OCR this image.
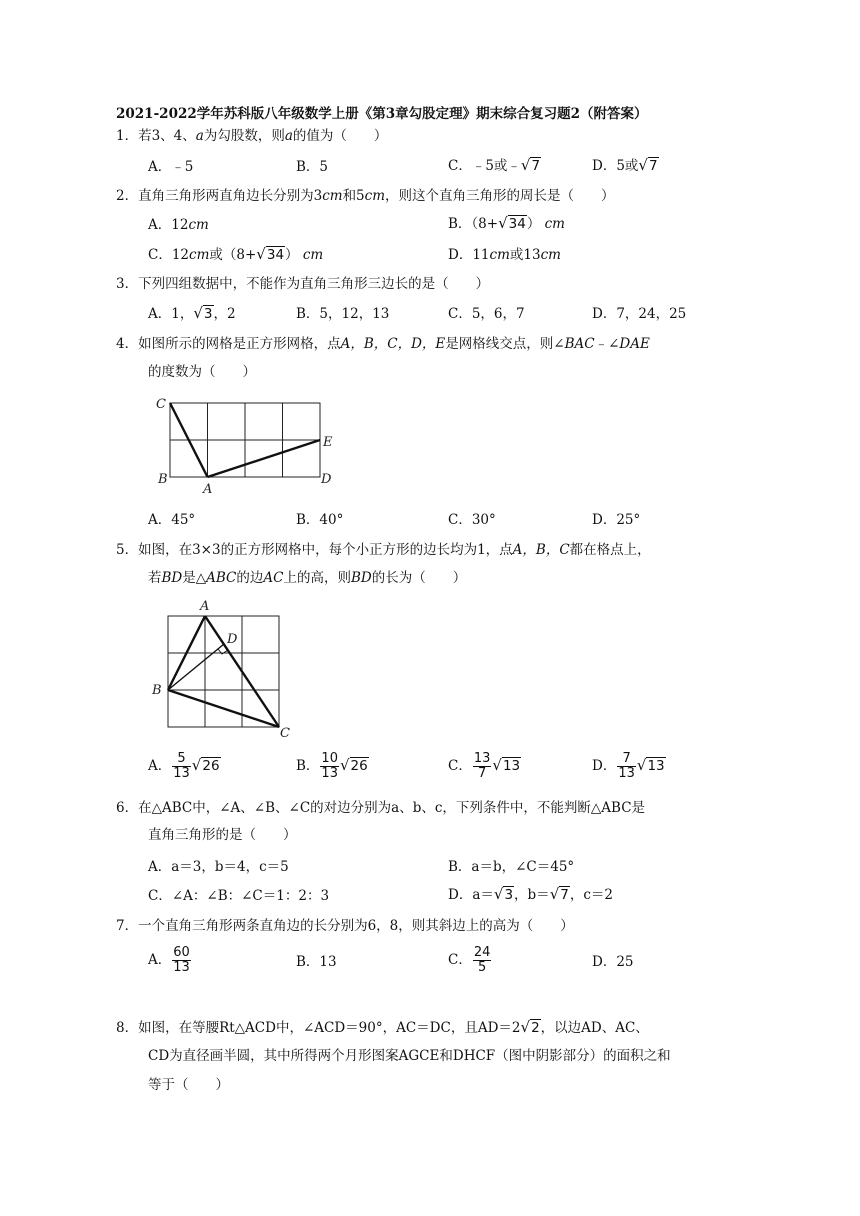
2021-2022学年苏科版八年级数学上册《第3章勾股定理》期末综合复习题2（附答案）
1．若3、4、a为勾股数，则a的值为（　　）
A．﹣5	B．5	C．﹣5或﹣√7	D．5或√7
2．直角三角形两直角边长分别为3cm和5cm，则这个直角三角形的周长是（　　）
A．12cm	B．（8+√34） cm
C．12cm或（8+√34） cm	D．11cm或13cm
3．下列四组数据中，不能作为直角三角形三边长的是（　　）
A．1，√3，2	B．5，12，13	C．5，6，7	D．7，24，25
4．如图所示的网格是正方形网格，点A，B，C，D，E是网格线交点，则∠BAC﹣∠DAE
的度数为（　　）
C
B
A
E
D
A．45°	B．40°	C．30°	D．25°
5．如图，在3×3的正方形网格中，每个小正方形的边长均为1，点A，B，C都在格点上，
若BD是△ABC的边AC上的高，则BD的长为（　　）
A
B
C
D
A． $\frac{5}{13} √26$	B． $\frac{10}{13} √26$	C． $\frac{13}{7} √13$	D． $\frac{7}{13} √13$
6．在△ABC中，∠A、∠B、∠C的对边分别为a、b、c，下列条件中，不能判断△ABC是
直角三角形的是（　　）
A．a＝3，b＝4，c＝5	B．a＝b，∠C＝45°
C．∠A：∠B：∠C＝1：2：3	D．a＝√3，b＝√7，c＝2
7．一个直角三角形两条直角边的长分别为6，8，则其斜边上的高为（　　）
A． $\frac{60}{13}$	B．13	C． $\frac{24}{5}$	D．25
8．如图，在等腰Rt△ACD中，∠ACD＝90°，AC＝DC，且AD＝2√2，以边AD、AC、
CD为直径画半圆，其中所得两个月形图案AGCE和DHCF（图中阴影部分）的面积之和
等于（　　）
